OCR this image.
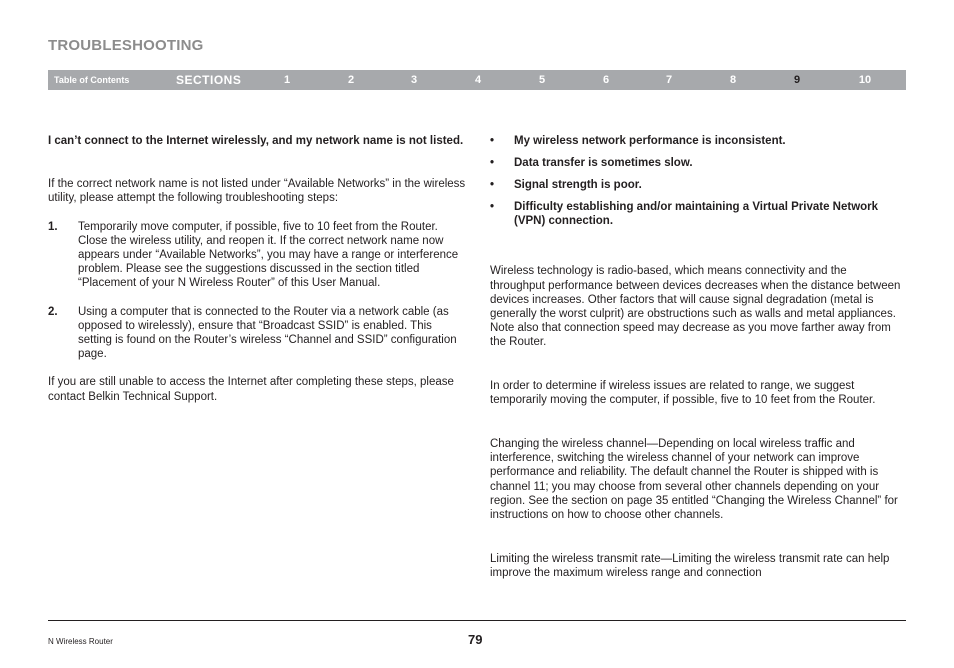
TROUBLESHOOTING
Table of Contents	SECTIONS	1	2	3	4	5	6	7	8	9	10

I can’t connect to the Internet wirelessly, and my network name is not listed.

If the correct network name is not listed under “Available Networks” in the wireless utility, please attempt the following troubleshooting steps:

1. Temporarily move computer, if possible, five to 10 feet from the Router. Close the wireless utility, and reopen it. If the correct network name now appears under “Available Networks”, you may have a range or interference problem. Please see the suggestions discussed in the section titled “Placement of your N Wireless Router” of this User Manual.
2. Using a computer that is connected to the Router via a network cable (as opposed to wirelessly), ensure that “Broadcast SSID” is enabled. This setting is found on the Router’s wireless “Channel and SSID” configuration page.

If you are still unable to access the Internet after completing these steps, please contact Belkin Technical Support.

• My wireless network performance is inconsistent.
• Data transfer is sometimes slow.
• Signal strength is poor.
• Difficulty establishing and/or maintaining a Virtual Private Network (VPN) connection.

Wireless technology is radio-based, which means connectivity and the throughput performance between devices decreases when the distance between devices increases. Other factors that will cause signal degradation (metal is generally the worst culprit) are obstructions such as walls and metal appliances. Note also that connection speed may decrease as you move farther away from the Router.

In order to determine if wireless issues are related to range, we suggest temporarily moving the computer, if possible, five to 10 feet from the Router.

Changing the wireless channel—Depending on local wireless traffic and interference, switching the wireless channel of your network can improve performance and reliability. The default channel the Router is shipped with is channel 11; you may choose from several other channels depending on your region. See the section on page 35 entitled “Changing the Wireless Channel” for instructions on how to choose other channels.

Limiting the wireless transmit rate—Limiting the wireless transmit rate can help improve the maximum wireless range and connection

N Wireless Router	79
